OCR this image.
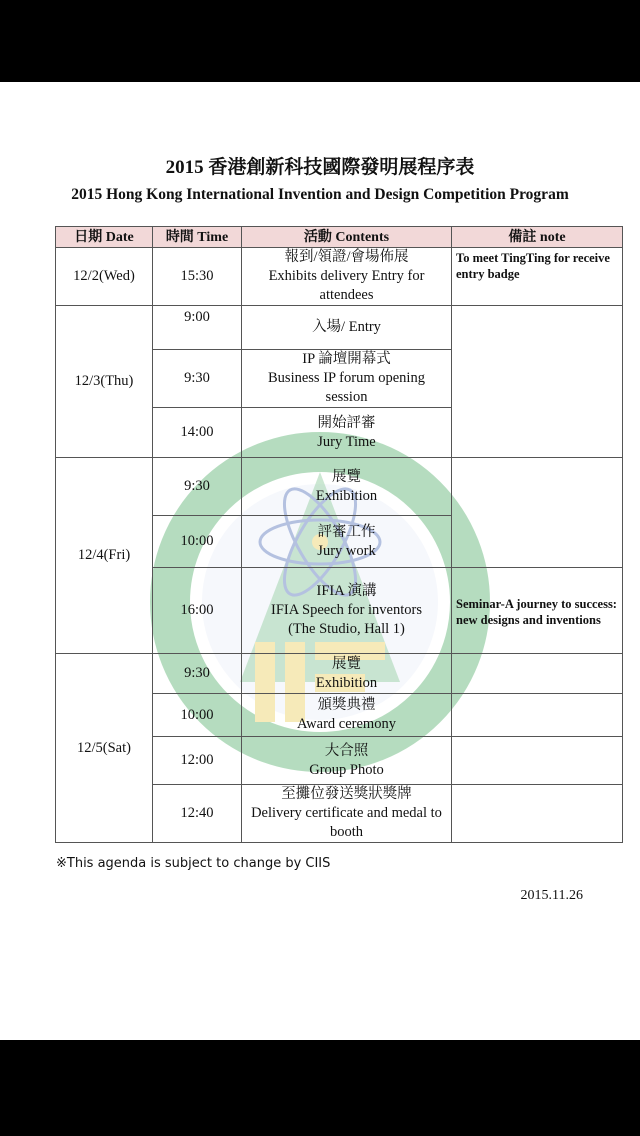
2015 香港創新科技國際發明展程序表
2015 Hong Kong International Invention and Design Competition Program
日期 Date	時間 Time	活動 Contents	備註 note
12/2(Wed)	15:30	報到/領證/會場佈展
Exhibits delivery Entry for attendees	To meet TingTing for receive entry badge
12/3(Thu)	9:00	入場/ Entry	

	9:30	IP 論壇開幕式
Business IP forum opening session	

	14:00	開始評審
Jury Time	

12/4(Fri)	9:30	展覽
Exhibition	

	10:00	評審工作
Jury work	

	16:00	IFIA 演講
IFIA Speech for inventors
(The Studio, Hall 1)	Seminar-A journey to success: new designs and inventions
12/5(Sat)	9:30	展覽
Exhibition	

	10:00	頒獎典禮
Award ceremony	

	12:00	大合照
Group Photo	

	12:40	至攤位發送獎狀獎牌
Delivery certificate and medal to booth	

※This agenda is subject to change by CIIS
2015.11.26
